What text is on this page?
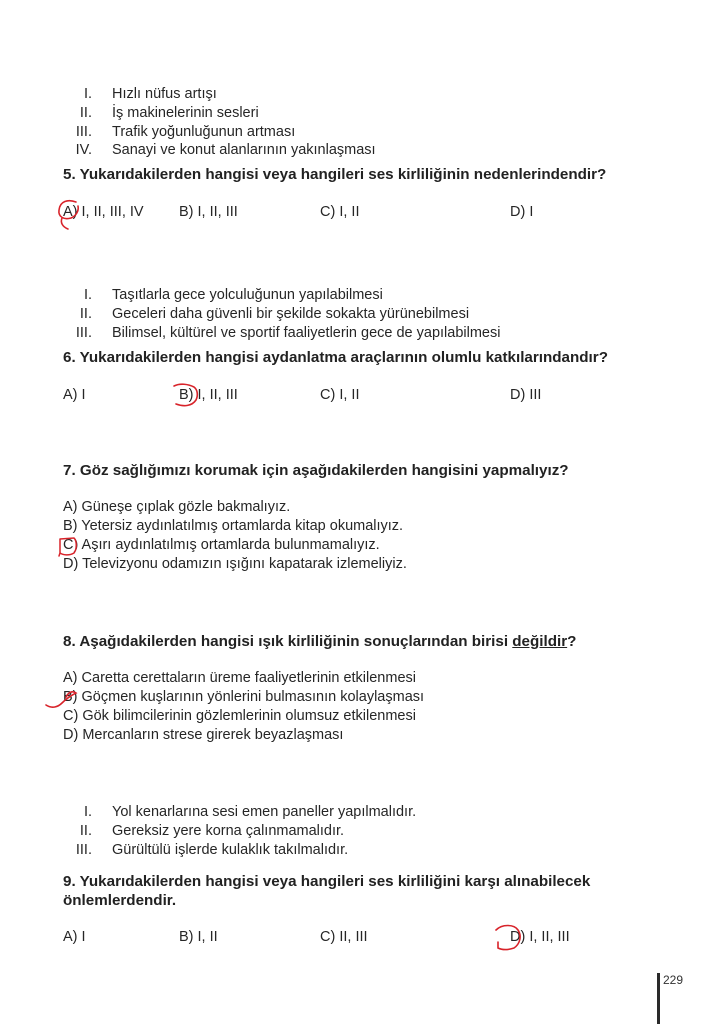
I. Hızlı nüfus artışı
II. İş makinelerinin sesleri
III. Trafik yoğunluğunun artması
IV. Sanayi ve konut alanlarının yakınlaşması
5. Yukarıdakilerden hangisi veya hangileri ses kirliliğinin nedenlerindendir?
A) I, II, III, IV B) I, II, III	C) I, II	D) I
I. Taşıtlarla gece yolculuğunun yapılabilmesi
II. Geceleri daha güvenli bir şekilde sokakta yürünebilmesi
III. Bilimsel, kültürel ve sportif faaliyetlerin gece de yapılabilmesi
6. Yukarıdakilerden hangisi aydanlatma araçlarının olumlu katkılarındandır?
A) I	B) I, II, III	C) I, II	D) III
7. Göz sağlığımızı korumak için aşağıdakilerden hangisini yapmalıyız?
A) Güneşe çıplak gözle bakmalıyız.
B) Yetersiz aydınlatılmış ortamlarda kitap okumalıyız.
C) Aşırı aydınlatılmış ortamlarda bulunmamalıyız.
D) Televizyonu odamızın ışığını kapatarak izlemeliyiz.
8. Aşağıdakilerden hangisi ışık kirliliğinin sonuçlarından birisi değildir?
A) Caretta cerettaların üreme faaliyetlerinin etkilenmesi
B) Göçmen kuşlarının yönlerini bulmasının kolaylaşması
C) Gök bilimcilerinin gözlemlerinin olumsuz etkilenmesi
D) Mercanların strese girerek beyazlaşması
I. Yol kenarlarına sesi emen paneller yapılmalıdır.
II. Gereksiz yere korna çalınmamalıdır.
III. Gürültülü işlerde kulaklık takılmalıdır.
9. Yukarıdakilerden hangisi veya hangileri ses kirliliğini karşı alınabilecek
önlemlerdendir.
A) I	B) I, II	C) II, III	D) I, II, III
229
